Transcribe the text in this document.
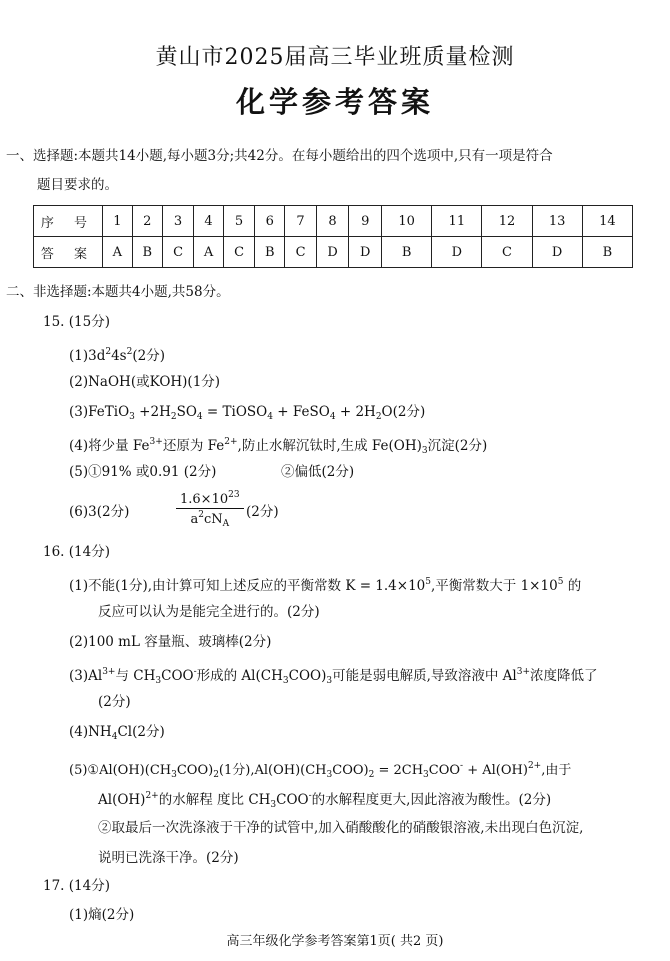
黄山市2025届高三毕业班质量检测
化学参考答案
一、选择题:本题共14小题,每小题3分;共42分。在每小题给出的四个选项中,只有一项是符合
题目要求的。
序 号	1	2	3	4	5	6	7	8	9	10	11	12	13	14
答 案	A	B	C	A	C	B	C	D	D	B	D	C	D	B
二、非选择题:本题共4小题,共58分。
15. (15分)
$(1)3d^24s^2(2$分)
(2)NaOH(或KOH)(1分)
(3)FeTiO$_3$ $+2H_2SO_4$ = TiOSO$_4$ + FeSO$_4$ + $2H_2O(2$分)
(4)将少量 $Fe^{3+}$还原为 $Fe^{2+}$,防止水解沉钛时,生成 $Fe(OH)_3$沉淀(2分)
(5)①91% 或0.91 (2分)	②偏低(2分)
(6)3(2分)
$1.6\times 10^{23}$
$a^2cN_A$
(2分)
16. (14分)
(1)不能(1分),由计算可知上述反应的平衡常数 $K = 1.4\times 10^5$,平衡常数大于 $1\times 10^5$ 的
反应可以认为是能完全进行的。(2分)
(2)100 mL 容量瓶、玻璃棒(2分)
$(3)Al^{3+}$与 $CH_3COO^-$形成的 $Al(CH_3COO)_3$可能是弱电解质,导致溶液中 $Al^{3+}$浓度降低了
(2分)
$(4)NH_4Cl(2$分)
$(5)①Al(OH)(CH_3COO)_2(1$分)$,Al(OH)(CH_3COO)_2 = 2CH_3COO^- + Al(OH)^{2+}$,由于
Al(OH)$^{2+}$的水解程 度比 $CH_3COO^-$的水解程度更大,因此溶液为酸性。(2分)
②取最后一次洗涤液于干净的试管中,加入硝酸酸化的硝酸银溶液,未出现白色沉淀,
说明已洗涤干净。(2分)
17. (14分)
(1)熵(2分)
高三年级化学参考答案第1页( 共2 页)
